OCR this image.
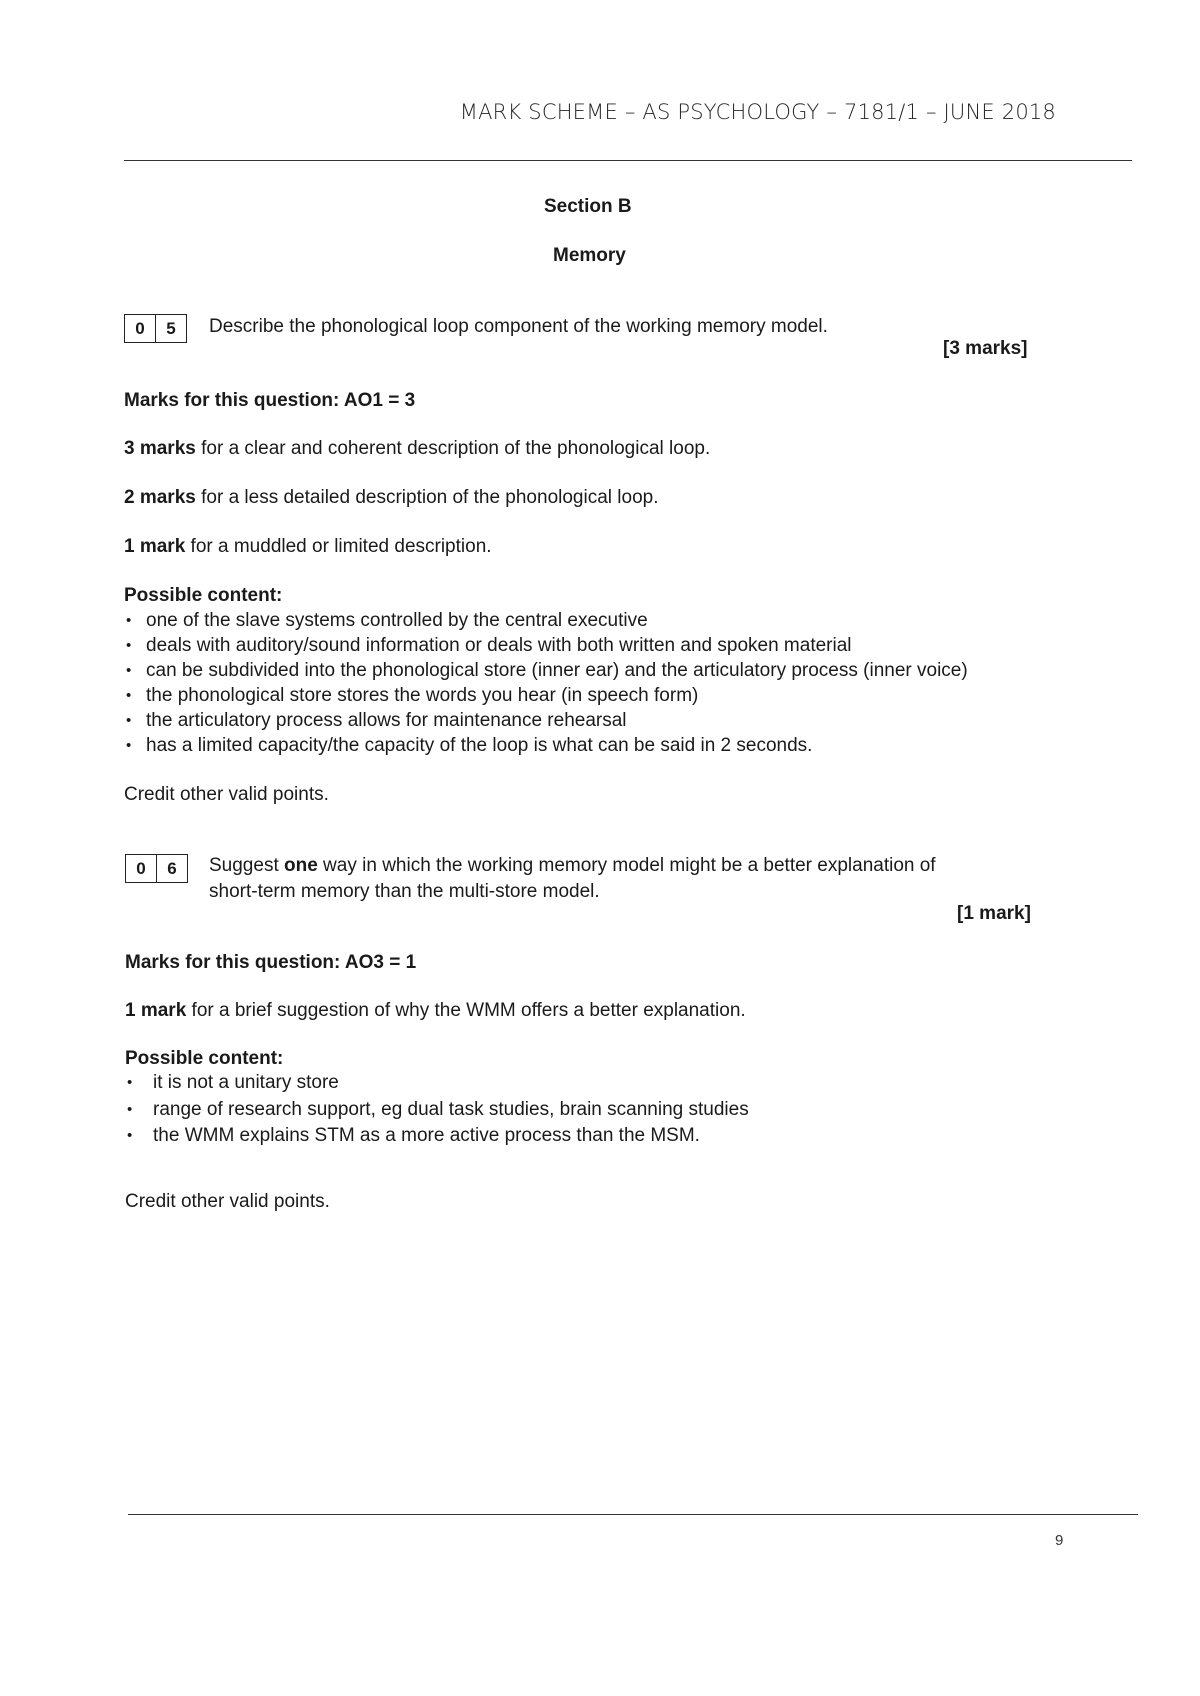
MARK SCHEME – AS PSYCHOLOGY – 7181/1 – JUNE 2018
Section B
Memory
0	5	Describe the phonological loop component of the working memory model.
[3 marks]
Marks for this question: AO1 = 3
3 marks for a clear and coherent description of the phonological loop.
2 marks for a less detailed description of the phonological loop.
1 mark for a muddled or limited description.
Possible content:
• one of the slave systems controlled by the central executive
• deals with auditory/sound information or deals with both written and spoken material
• can be subdivided into the phonological store (inner ear) and the articulatory process (inner voice)
• the phonological store stores the words you hear (in speech form)
• the articulatory process allows for maintenance rehearsal
• has a limited capacity/the capacity of the loop is what can be said in 2 seconds.
Credit other valid points.
0	6	Suggest one way in which the working memory model might be a better explanation of
short-term memory than the multi-store model.
[1 mark]
Marks for this question: AO3 = 1
1 mark for a brief suggestion of why the WMM offers a better explanation.
Possible content:
• it is not a unitary store
• range of research support, eg dual task studies, brain scanning studies
• the WMM explains STM as a more active process than the MSM.
Credit other valid points.
9
